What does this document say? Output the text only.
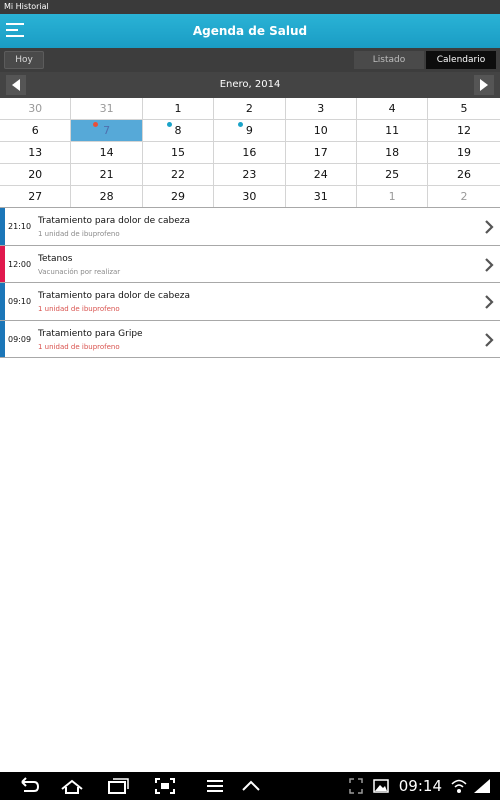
Mi Historial
Agenda de Salud
Hoy	Listado	Calendario
Enero, 2014
30	31	1	2	3	4	5
6	7	8	9	10	11	12
13	14	15	16	17	18	19
20	21	22	23	24	25	26
27	28	29	30	31	1	2
21:10
Tratamiento para dolor de cabeza
1 unidad de ibuprofeno
12:00
Tetanos
Vacunación por realizar
09:10
Tratamiento para dolor de cabeza
1 unidad de ibuprofeno
09:09
Tratamiento para Gripe
1 unidad de ibuprofeno
09:14
